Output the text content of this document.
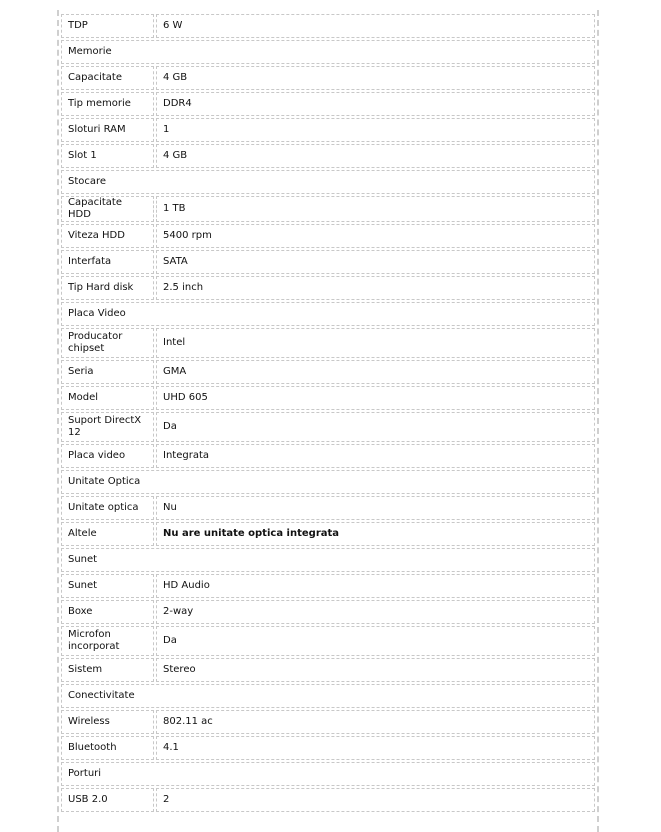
TDP	6 W
Memorie	
Capacitate	4 GB
Tip memorie	DDR4
Sloturi RAM	1
Slot 1	4 GB
Stocare	
Capacitate HDD	1 TB
Viteza HDD	5400 rpm
Interfata	SATA
Tip Hard disk	2.5 inch
Placa Video	
Producator chipset	Intel
Seria	GMA
Model	UHD 605
Suport DirectX 12	Da
Placa video	Integrata
Unitate Optica	
Unitate optica	Nu
Altele	Nu are unitate optica integrata
Sunet	
Sunet	HD Audio
Boxe	2-way
Microfon incorporat	Da
Sistem	Stereo
Conectivitate	
Wireless	802.11 ac
Bluetooth	4.1
Porturi	
USB 2.0	2
